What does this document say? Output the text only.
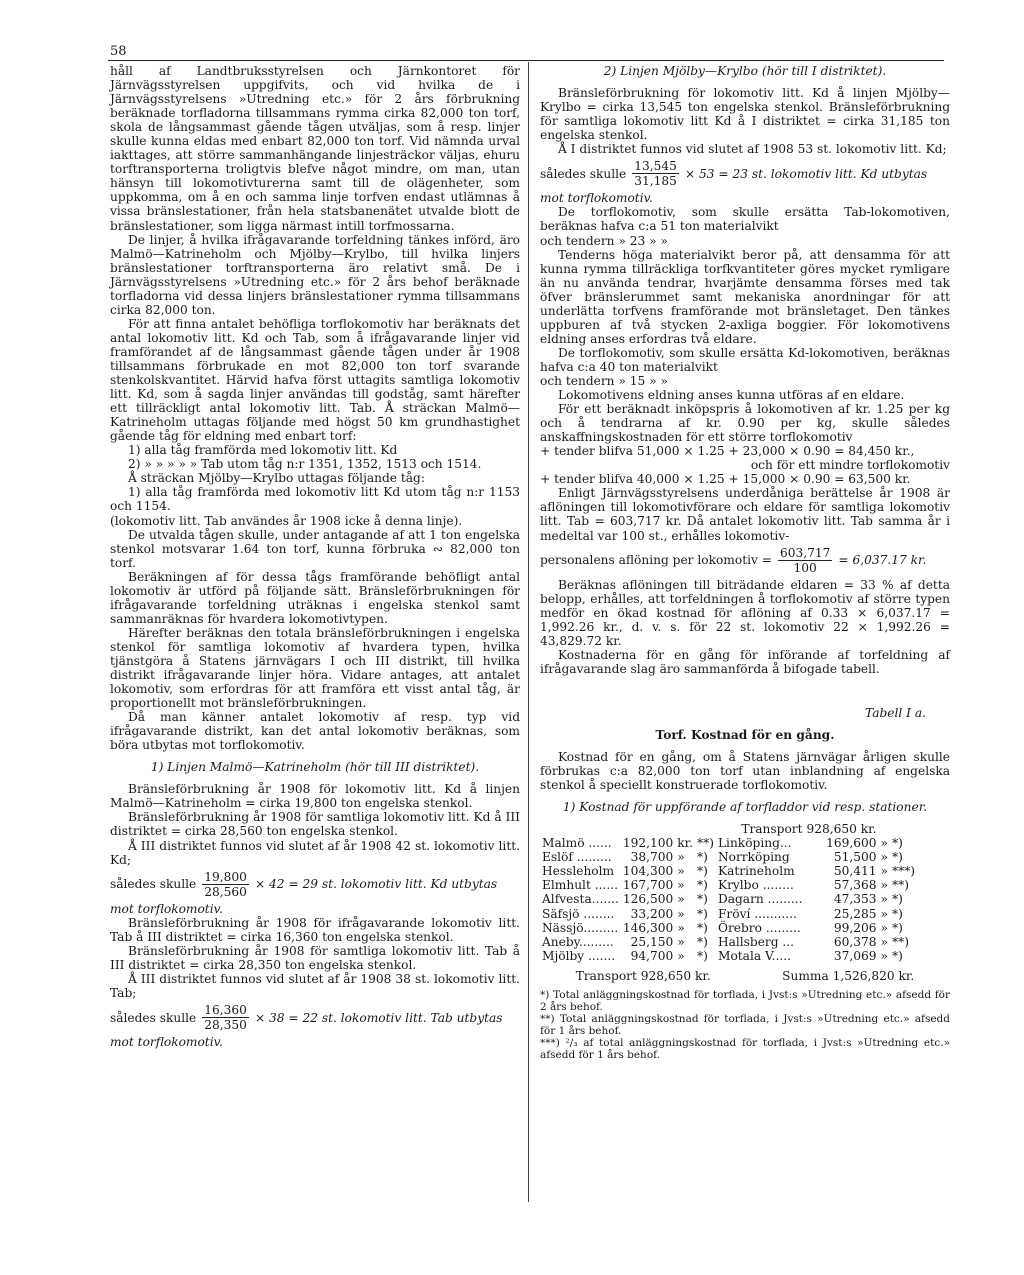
58

håll af Landtbruksstyrelsen och Järnkontoret för Järnvägsstyrelsen uppgifvits, och vid hvilka de i Järnvägsstyrelsens »Utredning etc.» för 2 års förbrukning beräknade torfladorna tillsammans rymma cirka 82,000 ton torf, skola de långsammast gående tågen utväljas, som å resp. linjer skulle kunna eldas med enbart 82,000 ton torf. Vid nämnda urval iakttages, att större sammanhängande linjesträckor väljas, ehuru torftransporterna troligtvis blefve något mindre, om man, utan hänsyn till lokomotivturerna samt till de olägenheter, som uppkomma, om å en och samma linje torfven endast utlämnas å vissa bränslestationer, från hela statsbanenätet utvalde blott de bränslestationer, som ligga närmast intill torfmossarna.

De linjer, å hvilka ifrågavarande torfeldning tänkes införd, äro Malmö—Katrineholm och Mjölby—Krylbo, till hvilka linjers bränslestationer torftransporterna äro relativt små. De i Järnvägsstyrelsens »Utredning etc.» för 2 års behof beräknade torfladorna vid dessa linjers bränslestationer rymma tillsammans cirka 82,000 ton.

För att finna antalet behöfliga torflokomotiv har beräknats det antal lokomotiv litt. Kd och Tab, som å ifrågavarande linjer vid framförandet af de långsammast gående tågen under år 1908 tillsammans förbrukade en mot 82,000 ton torf svarande stenkolskvantitet. Härvid hafva först uttagits samtliga lokomotiv litt. Kd, som å sagda linjer användas till godståg, samt härefter ett tillräckligt antal lokomotiv litt. Tab. Å sträckan Malmö—Katrineholm uttagas följande med högst 50 km grundhastighet gående tåg för eldning med enbart torf:

1) alla tåg framförda med lokomotiv litt. Kd

2) » » » » » Tab utom tåg n:r 1351, 1352, 1513 och 1514.

Å sträckan Mjölby—Krylbo uttagas följande tåg:

1) alla tåg framförda med lokomotiv litt Kd utom tåg n:r 1153 och 1154.

(lokomotiv litt. Tab användes år 1908 icke å denna linje).

De utvalda tågen skulle, under antagande af att 1 ton engelska stenkol motsvarar 1.64 ton torf, kunna förbruka ∾ 82,000 ton torf.

Beräkningen af för dessa tågs framförande behöfligt antal lokomotiv är utförd på följande sätt. Bränsleförbrukningen för ifrågavarande torfeldning uträknas i engelska stenkol samt sammanräknas för hvardera lokomotivtypen.

Härefter beräknas den totala bränsleförbrukningen i engelska stenkol för samtliga lokomotiv af hvardera typen, hvilka tjänstgöra å Statens järnvägars I och III distrikt, till hvilka distrikt ifrågavarande linjer höra. Vidare antages, att antalet lokomotiv, som erfordras för att framföra ett visst antal tåg, är proportionellt mot bränsleförbrukningen.

Då man känner antalet lokomotiv af resp. typ vid ifrågavarande distrikt, kan det antal lokomotiv beräknas, som böra utbytas mot torflokomotiv.

1) Linjen Malmö—Katrineholm (hör till III distriktet).

Bränsleförbrukning år 1908 för lokomotiv litt. Kd å linjen Malmö—Katrineholm = cirka 19,800 ton engelska stenkol.

Bränsleförbrukning år 1908 för samtliga lokomotiv litt. Kd å III distriktet = cirka 28,560 ton engelska stenkol.

Å III distriktet funnos vid slutet af år 1908 42 st. lokomotiv litt. Kd;

således skulle $\frac{19,800}{28,560} \times 42 = 29$ st. lokomotiv litt. Kd utbytas

mot torflokomotiv.

Bränsleförbrukning år 1908 för ifrågavarande lokomotiv litt. Tab å III distriktet = cirka 16,360 ton engelska stenkol.

Bränsleförbrukning år 1908 för samtliga lokomotiv litt. Tab å III distriktet = cirka 28,350 ton engelska stenkol.

Å III distriktet funnos vid slutet af år 1908 38 st. lokomotiv litt. Tab;

således skulle $\frac{16,360}{28,350} \times 38 = 22$ st. lokomotiv litt. Tab utbytas

mot torflokomotiv.

2) Linjen Mjölby—Krylbo (hör till I distriktet).

Bränsleförbrukning för lokomotiv litt. Kd å linjen Mjölby—Krylbo = cirka 13,545 ton engelska stenkol. Bränsleförbrukning för samtliga lokomotiv litt Kd å I distriktet = cirka 31,185 ton engelska stenkol.

Å I distriktet funnos vid slutet af 1908 53 st. lokomotiv litt. Kd;

således skulle $\frac{13,545}{31,185} \times 53 = 23$ st. lokomotiv litt. Kd utbytas

mot torflokomotiv.

De torflokomotiv, som skulle ersätta Tab-lokomotiven, beräknas hafva c:a 51 ton materialvikt

och tendern » 23 » »

Tenderns höga materialvikt beror på, att densamma för att kunna rymma tillräckliga torfkvantiteter göres mycket rymligare än nu använda tendrar, hvarjämte densamma förses med tak öfver bränslerummet samt mekaniska anordningar för att underlätta torfvens framförande mot bränsletaget. Den tänkes uppburen af två stycken 2-axliga boggier. För lokomotivens eldning anses erfordras två eldare.

De torflokomotiv, som skulle ersätta Kd-lokomotiven, beräknas hafva c:a 40 ton materialvikt

och tendern » 15 » »

Lokomotivens eldning anses kunna utföras af en eldare.

För ett beräknadt inköpspris å lokomotiven af kr. 1.25 per kg och å tendrarna af kr. 0.90 per kg, skulle således anskaffningskostnaden för ett större torflokomotiv

+ tender blifva 51,000 × 1.25 + 23,000 × 0.90 = 84,450 kr.,

och för ett mindre torflokomotiv

+ tender blifva 40,000 × 1.25 + 15,000 × 0.90 = 63,500 kr.

Enligt Järnvägsstyrelsens underdåniga berättelse år 1908 är aflöningen till lokomotivförare och eldare för samtliga lokomotiv litt. Tab = 603,717 kr. Då antalet lokomotiv litt. Tab samma år i medeltal var 100 st., erhålles lokomotiv-

personalens aflöning per lokomotiv = $\frac{603,717}{100} = 6,037.17$ kr.

Beräknas aflöningen till biträdande eldaren = 33 % af detta belopp, erhålles, att torfeldningen å torflokomotiv af större typen medför en ökad kostnad för aflöning af 0.33 × 6,037.17 = 1,992.26 kr., d. v. s. för 22 st. lokomotiv 22 × 1,992.26 = 43,829.72 kr.

Kostnaderna för en gång för införande af torfeldning af ifrågavarande slag äro sammanförda å bifogade tabell.

Tabell I a.

Torf. Kostnad för en gång.

Kostnad för en gång, om å Statens järnvägar årligen skulle förbrukas c:a 82,000 ton torf utan inblandning af engelska stenkol å speciellt konstruerade torflokomotiv.

1) Kostnad för uppförande af torfladdor vid resp. stationer.

				Transport	928,650 kr.		
Malmö ......	192,100	kr.	**)	Linköping...	169,600	»	*)
Eslöf .........	38,700	»	*)	Norrköping	51,500	»	*)
Hessleholm	104,300	»	*)	Katrineholm	50,411	»	***)
Elmhult ......	167,700	»	*)	Krylbo ........	57,368	»	**)
Alfvesta.......	126,500	»	*)	Dagarn .........	47,353	»	*)
Säfsjö ........	33,200	»	*)	Fröví ...........	25,285	»	*)
Nässjö.........	146,300	»	*)	Örebro .........	99,206	»	*)
Aneby.........	25,150	»	*)	Hallsberg ...	60,378	»	**)
Mjölby .......	94,700	»	*)	Motala V.....	37,069	»	*)
Transport 928,650 kr.	Summa 1,526,820 kr.

*) Total anläggningskostnad för torflada, i Jvst:s »Utredning etc.» afsedd för 2 års behof.

**) Total anläggningskostnad för torflada, i Jvst:s »Utredning etc.» afsedd för 1 års behof.

***) ²/₃ af total anläggningskostnad för torflada, i Jvst:s »Utredning etc.» afsedd för 1 års behof.
